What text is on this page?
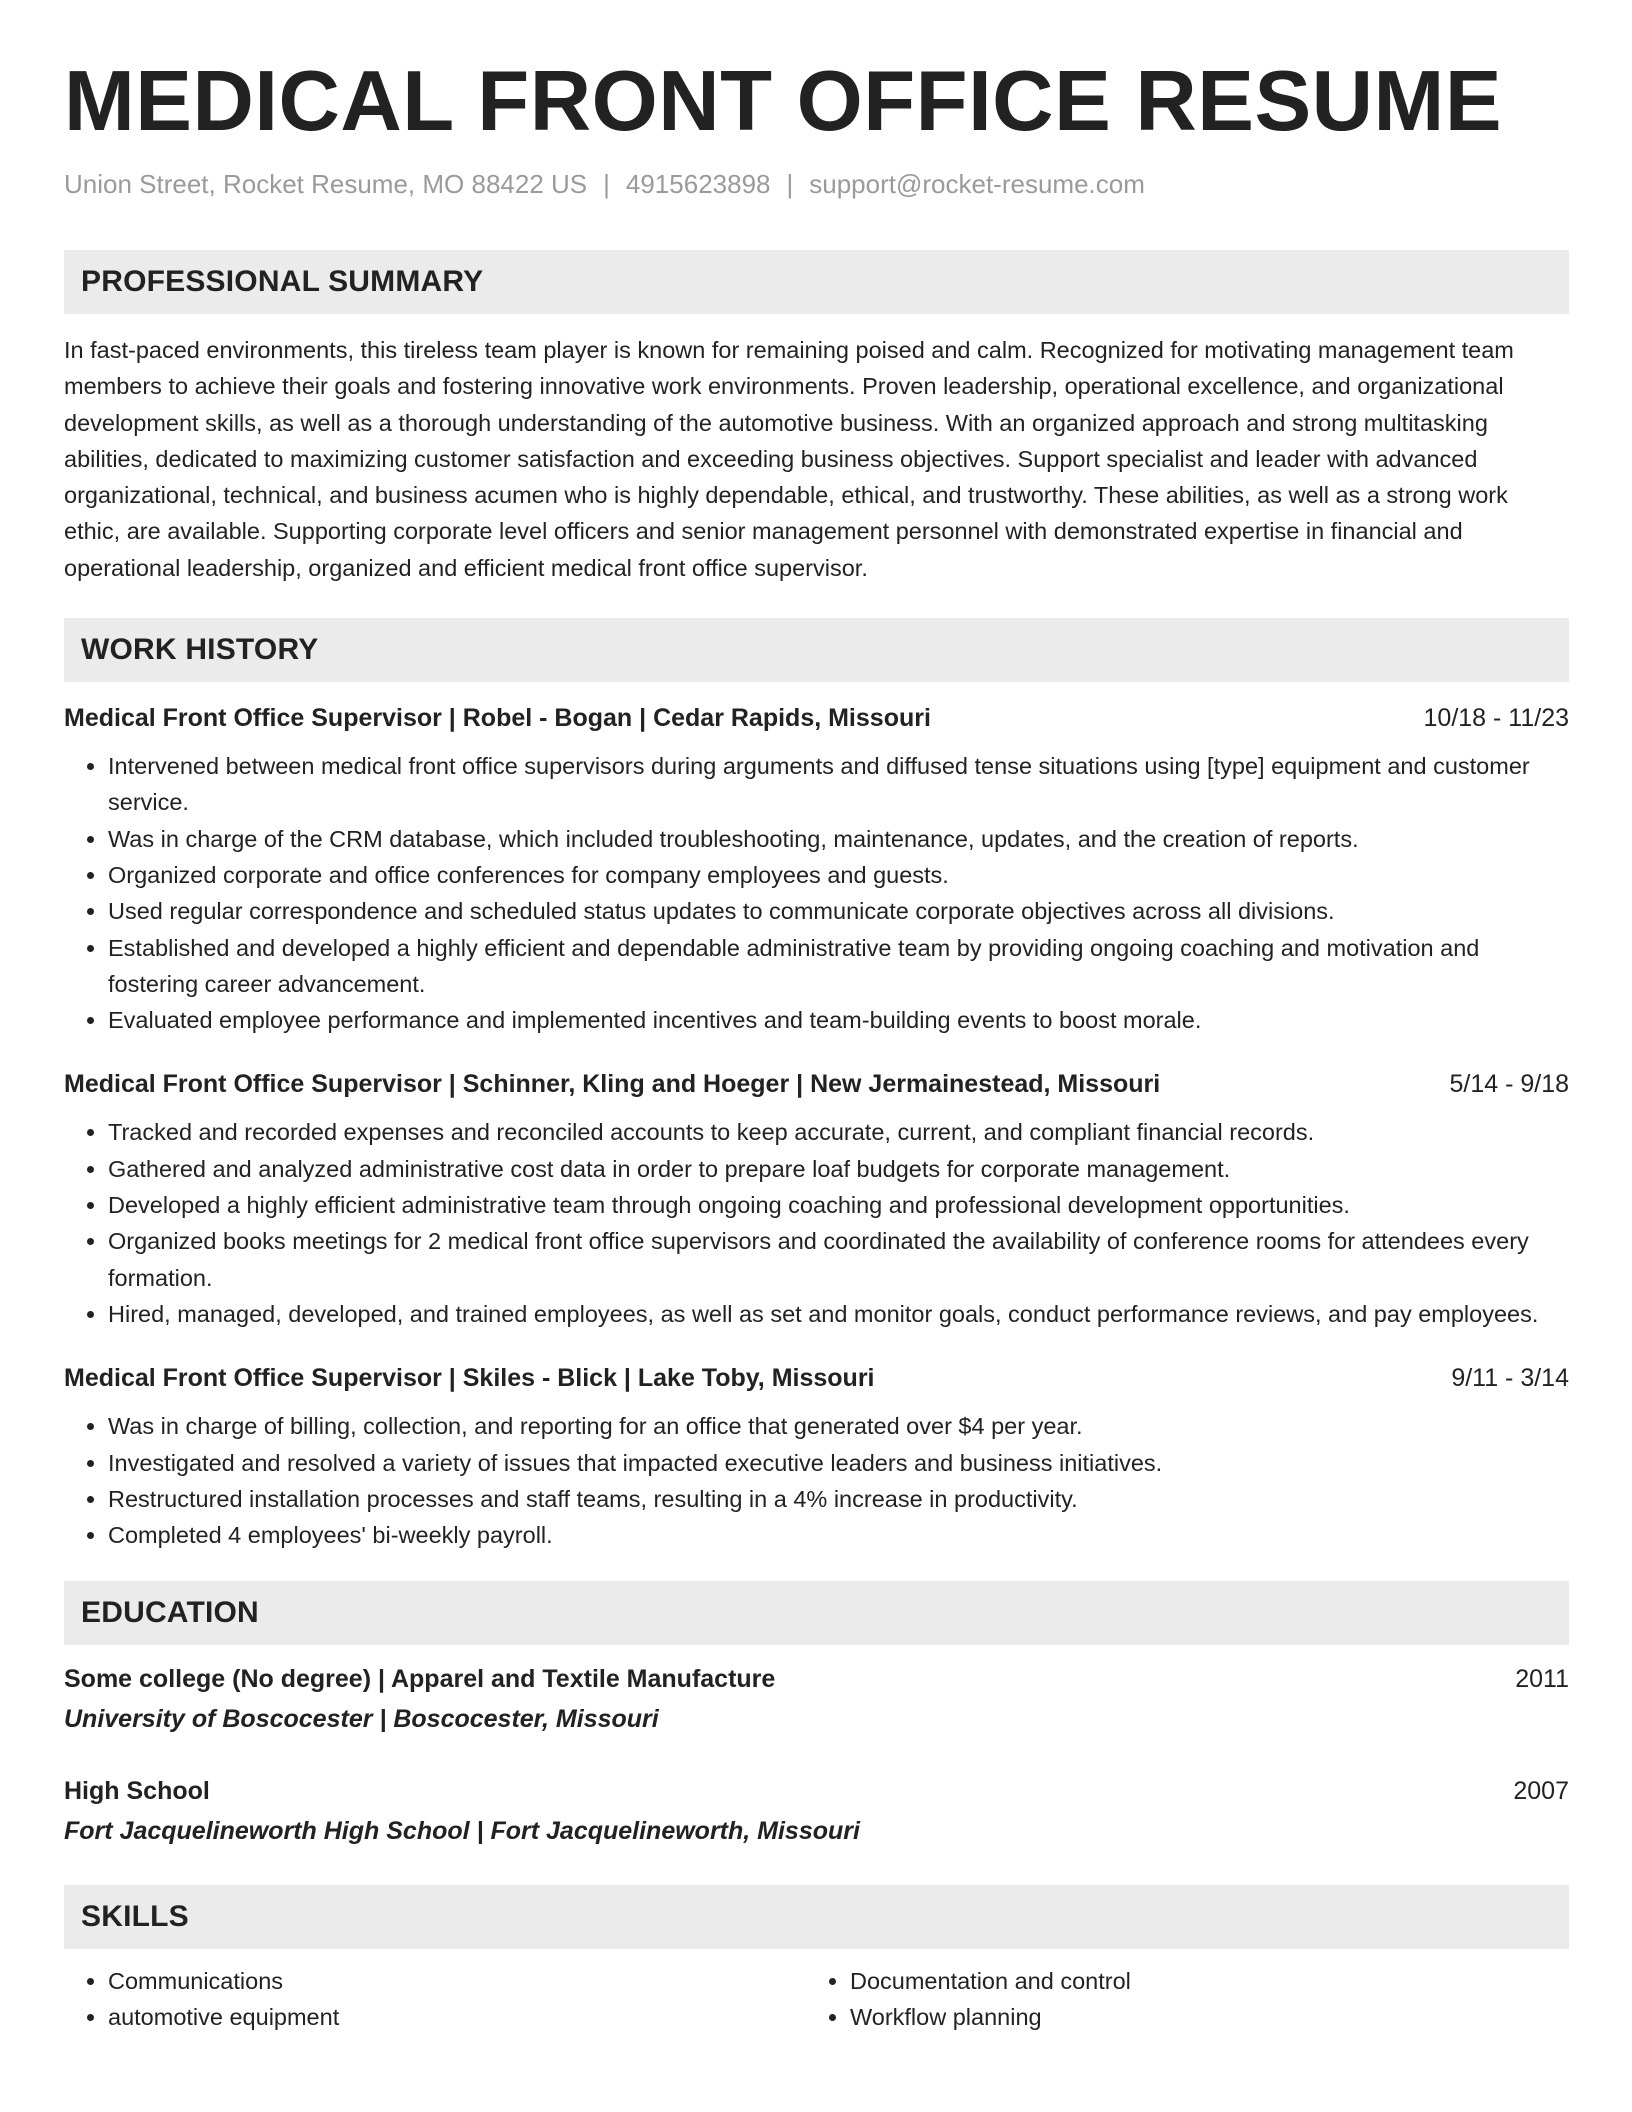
MEDICAL FRONT OFFICE RESUME
Union Street, Rocket Resume, MO 88422 US | 4915623898 | support@rocket-resume.com
PROFESSIONAL SUMMARY

In fast-paced environments, this tireless team player is known for remaining poised and calm. Recognized for motivating management team members to achieve their goals and fostering innovative work environments. Proven leadership, operational excellence, and organizational development skills, as well as a thorough understanding of the automotive business. With an organized approach and strong multitasking abilities, dedicated to maximizing customer satisfaction and exceeding business objectives. Support specialist and leader with advanced organizational, technical, and business acumen who is highly dependable, ethical, and trustworthy. These abilities, as well as a strong work ethic, are available. Supporting corporate level officers and senior management personnel with demonstrated expertise in financial and operational leadership, organized and efficient medical front office supervisor.

WORK HISTORY
Medical Front Office Supervisor | Robel - Bogan | Cedar Rapids, Missouri	10/18 - 11/23
• Intervened between medical front office supervisors during arguments and diffused tense situations using [type] equipment and customer service.
• Was in charge of the CRM database, which included troubleshooting, maintenance, updates, and the creation of reports.
• Organized corporate and office conferences for company employees and guests.
• Used regular correspondence and scheduled status updates to communicate corporate objectives across all divisions.
• Established and developed a highly efficient and dependable administrative team by providing ongoing coaching and motivation and fostering career advancement.
• Evaluated employee performance and implemented incentives and team-building events to boost morale.
Medical Front Office Supervisor | Schinner, Kling and Hoeger | New Jermainestead, Missouri	5/14 - 9/18
• Tracked and recorded expenses and reconciled accounts to keep accurate, current, and compliant financial records.
• Gathered and analyzed administrative cost data in order to prepare loaf budgets for corporate management.
• Developed a highly efficient administrative team through ongoing coaching and professional development opportunities.
• Organized books meetings for 2 medical front office supervisors and coordinated the availability of conference rooms for attendees every formation.
• Hired, managed, developed, and trained employees, as well as set and monitor goals, conduct performance reviews, and pay employees.
Medical Front Office Supervisor | Skiles - Blick | Lake Toby, Missouri	9/11 - 3/14
• Was in charge of billing, collection, and reporting for an office that generated over $4 per year.
• Investigated and resolved a variety of issues that impacted executive leaders and business initiatives.
• Restructured installation processes and staff teams, resulting in a 4% increase in productivity.
• Completed 4 employees' bi-weekly payroll.
EDUCATION
Some college (No degree) | Apparel and Textile Manufacture	2011
University of Boscocester | Boscocester, Missouri
High School	2007
Fort Jacquelineworth High School | Fort Jacquelineworth, Missouri
SKILLS
• Communications
• automotive equipment
• Documentation and control
• Workflow planning
